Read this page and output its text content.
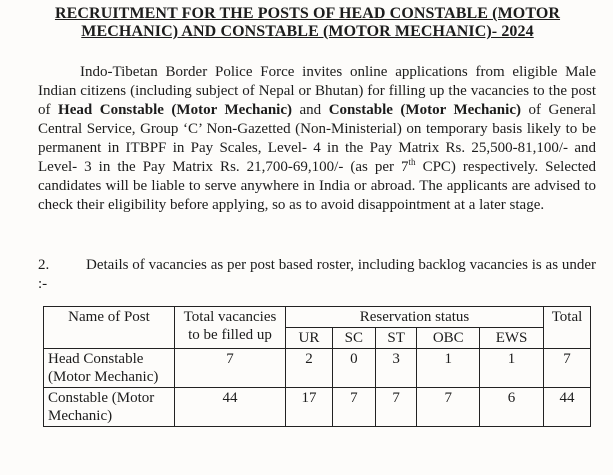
RECRUITMENT FOR THE POSTS OF HEAD CONSTABLE (MOTOR
MECHANIC) AND CONSTABLE (MOTOR MECHANIC)- 2024
Indo-Tibetan Border Police Force invites online applications from eligible Male Indian citizens (including subject of Nepal or Bhutan) for filling up the vacancies to the post of Head Constable (Motor Mechanic) and Constable (Motor Mechanic) of General Central Service, Group ‘C’ Non-Gazetted (Non-Ministerial) on temporary basis likely to be permanent in ITBPF in Pay Scales, Level- 4 in the Pay Matrix Rs. 25,500-81,100/- and Level- 3 in the Pay Matrix Rs. 21,700-69,100/- (as per 7th CPC) respectively. Selected candidates will be liable to serve anywhere in India or abroad. The applicants are advised to check their eligibility before applying, so as to avoid disappointment at a later stage.
2. Details of vacancies as per post based roster, including backlog vacancies is as under :-
Name of Post	Total vacancies to be filled up	Reservation status					Total
		UR	SC	ST	OBC	EWS	
Head Constable (Motor Mechanic)	7	2	0	3	1	1	7
Constable (Motor Mechanic)	44	17	7	7	7	6	44
